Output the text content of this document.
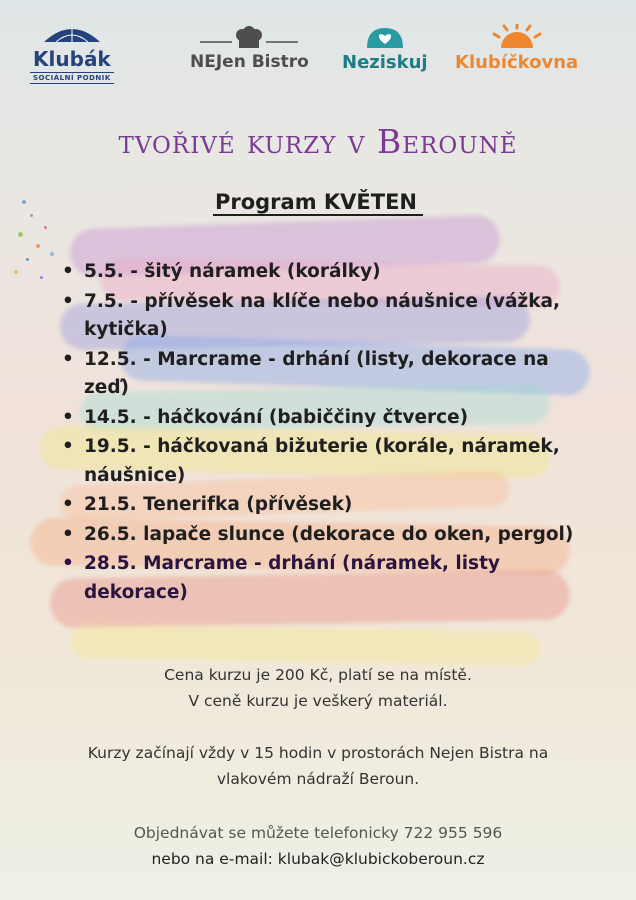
Klubák
SOCIÁLNÍ PODNIK
NEJen Bistro Neziskuj Klubíčkovna
tvořivé kurzy v Berouně
Program KVĚTEN
• 5.5. - šitý náramek (korálky)
• 7.5. - přívěsek na klíče nebo náušnice (vážka, kytička)
• 12.5. - Marcrame - drhání (listy, dekorace na zeď)
• 14.5. - háčkování (babiččiny čtverce)
• 19.5. - háčkovaná bižuterie (korále, náramek, náušnice)
• 21.5. Tenerifka (přívěsek)
• 26.5. lapače slunce (dekorace do oken, pergol)
• 28.5. Marcrame - drhání (náramek, listy dekorace)
Cena kurzu je 200 Kč, platí se na místě.
V ceně kurzu je veškerý materiál.
Kurzy začínají vždy v 15 hodin v prostorách Nejen Bistra na
vlakovém nádraží Beroun.
Objednávat se můžete telefonicky 722 955 596
nebo na e-mail: klubak@klubickoberoun.cz
